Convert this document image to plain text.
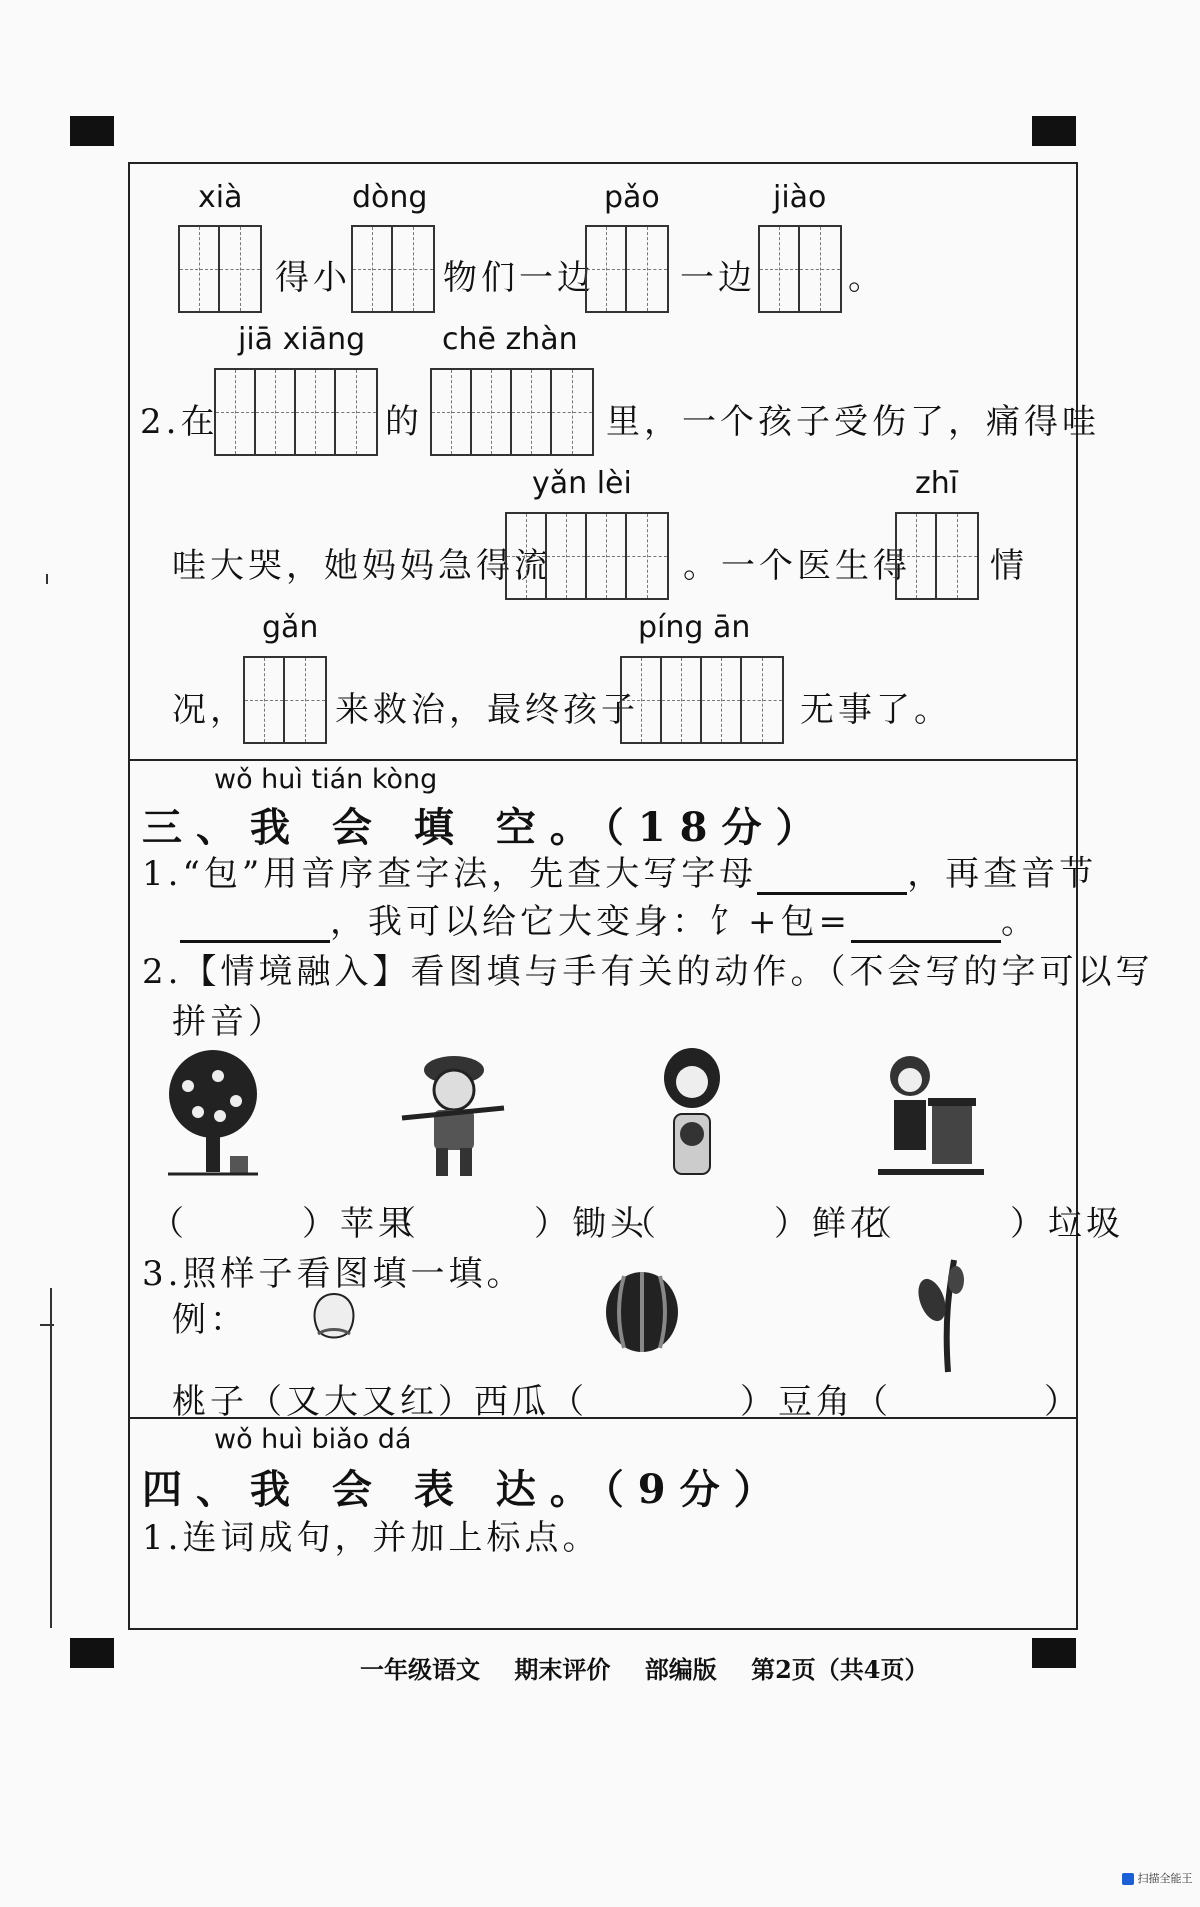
xià	dòng	pǎo	jiào
得小	物们一边	一边	。
jiā xiāng	chē zhàn
2.在	的	里，一个孩子受伤了，痛得哇
yǎn lèi	zhī
哇大哭，她妈妈急得流	。一个医生得 情
gǎn	píng ān
况，	来救治，最终孩子	无事了。
wǒ huì tián kòng
三、我 会 填 空。（18分）
1.“包”用音序查字法，先查大写字母	，再查音节
，我可以给它大变身：饣+包=	。
2.【情境融入】看图填与手有关的动作。（不会写的字可以写
拼音）
（　　　）苹果
（　　　）锄头
（　　　）鲜花
（　　　）垃圾
3.照样子看图填一填。
例：
桃子（又大又红）
西瓜（　　　　） 豆角（　　　　）
wǒ huì biǎo dá
四、我 会 表 达。（9分）
1.连词成句，并加上标点。
一年级语文 期末评价 部编版 第2页（共4页）
扫描全能王
